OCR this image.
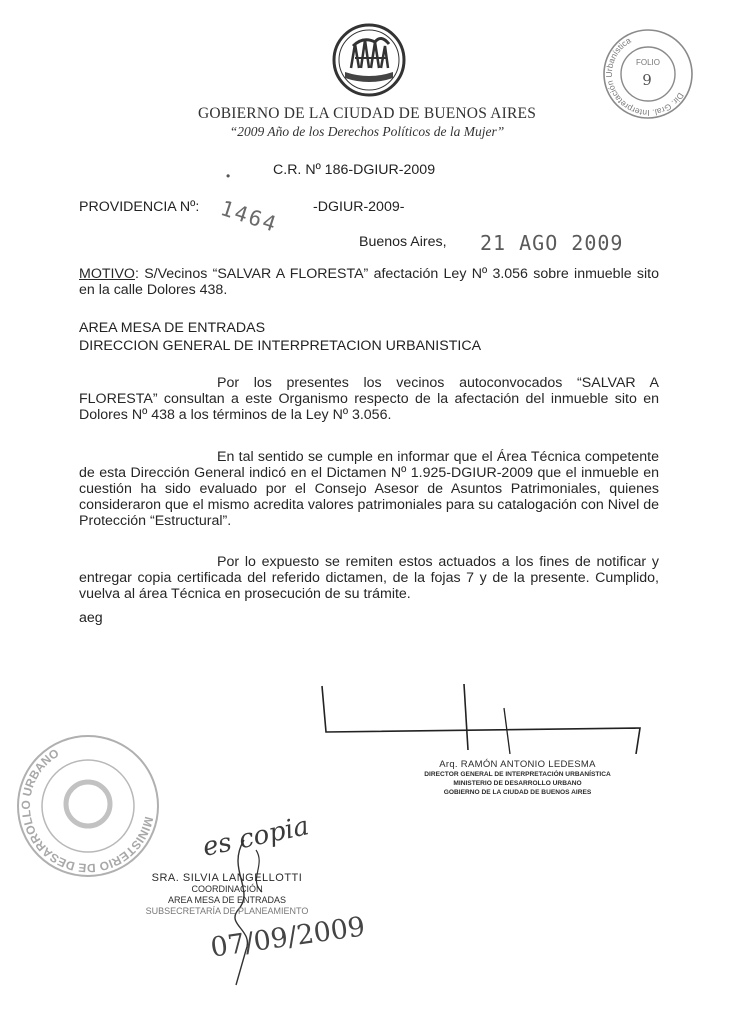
Dir. Gral. Interpretación Urbanística
FOLIO
9
GOBIERNO DE LA CIUDAD DE BUENOS AIRES
“2009 Año de los Derechos Políticos de la Mujer”
•	C.R. Nº 186-DGIUR-2009
PROVIDENCIA Nº: 1464 -DGIUR-2009-
Buenos Aires, 21 AGO 2009
MOTIVO: S/Vecinos “SALVAR A FLORESTA” afectación Ley Nº 3.056 sobre inmueble sito en la calle Dolores 438.
AREA MESA DE ENTRADAS
DIRECCION GENERAL DE INTERPRETACION URBANISTICA
Por los presentes los vecinos autoconvocados “SALVAR A FLORESTA” consultan a este Organismo respecto de la afectación del inmueble sito en Dolores Nº 438 a los términos de la Ley Nº 3.056.
En tal sentido se cumple en informar que el Área Técnica competente de esta Dirección General indicó en el Dictamen Nº 1.925-DGIUR-2009 que el inmueble en cuestión ha sido evaluado por el Consejo Asesor de Asuntos Patrimoniales, quienes consideraron que el mismo acredita valores patrimoniales para su catalogación con Nivel de Protección “Estructural”.
Por lo expuesto se remiten estos actuados a los fines de notificar y entregar copia certificada del referido dictamen, de la fojas 7 y de la presente. Cumplido, vuelva al área Técnica en prosecución de su trámite.
aeg
Arq. RAMÓN ANTONIO LEDESMA
DIRECTOR GENERAL DE INTERPRETACIÓN URBANÍSTICA
MINISTERIO DE DESARROLLO URBANO
GOBIERNO DE LA CIUDAD DE BUENOS AIRES
MINISTERIO DE DESARROLLO URBANO
es copia
SRA. SILVIA LANGELLOTTI
COORDINACIÓN
AREA MESA DE ENTRADAS
SUBSECRETARÍA DE PLANEAMIENTO
07/09/2009
